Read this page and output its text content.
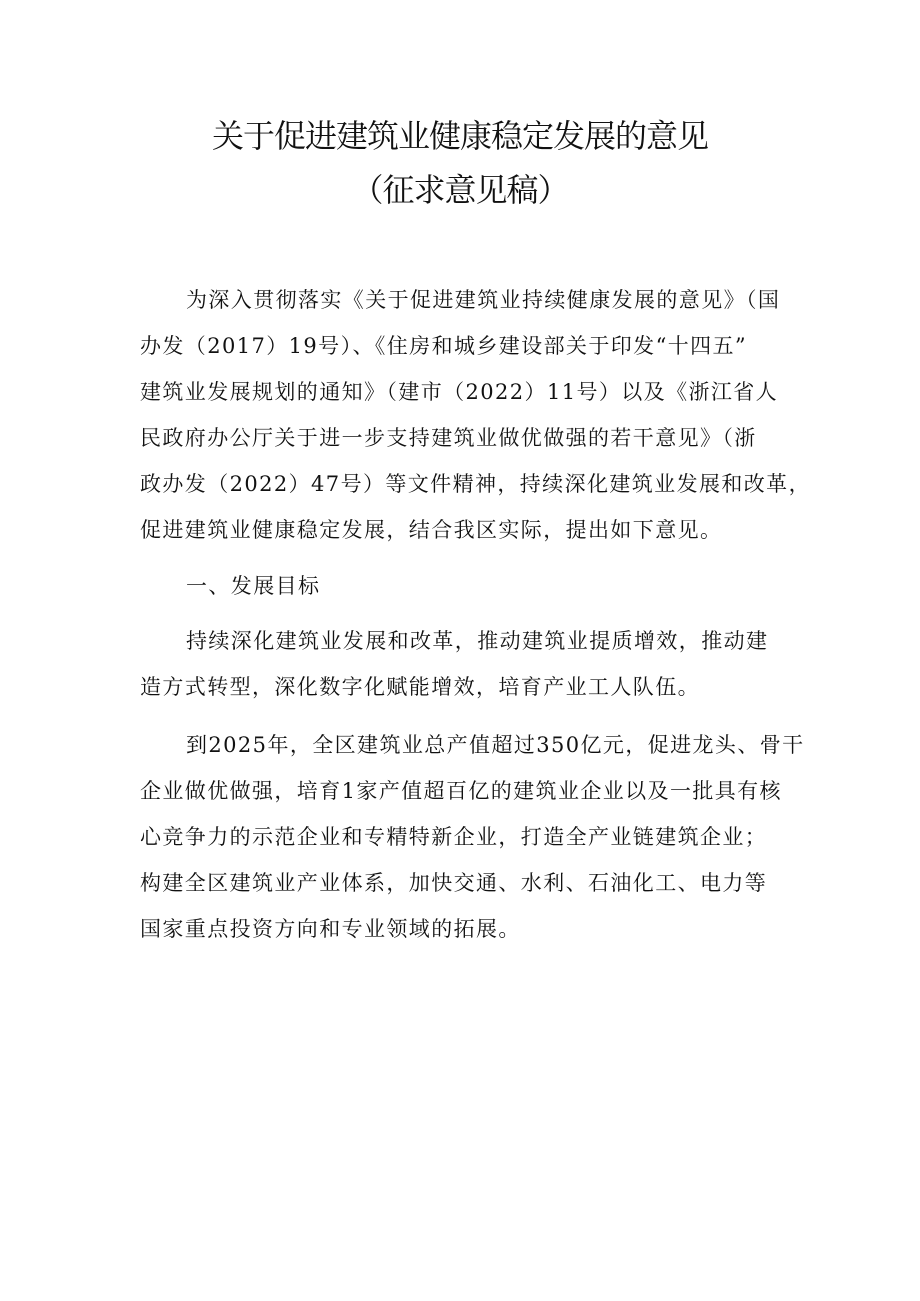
关于促进建筑业健康稳定发展的意见
（征求意见稿）
为深入贯彻落实《关于促进建筑业持续健康发展的意见》（国
办发（2017）19号）、《住房和城乡建设部关于印发“十四五”
建筑业发展规划的通知》（建市（2022）11号）以及《浙江省人
民政府办公厅关于进一步支持建筑业做优做强的若干意见》（浙
政办发（2022）47号）等文件精神，持续深化建筑业发展和改革，
促进建筑业健康稳定发展，结合我区实际，提出如下意见。
一、发展目标
持续深化建筑业发展和改革，推动建筑业提质增效，推动建
造方式转型，深化数字化赋能增效，培育产业工人队伍。
到2025年，全区建筑业总产值超过350亿元，促进龙头、骨干
企业做优做强，培育1家产值超百亿的建筑业企业以及一批具有核
心竞争力的示范企业和专精特新企业，打造全产业链建筑企业；
构建全区建筑业产业体系，加快交通、水利、石油化工、电力等
国家重点投资方向和专业领域的拓展。
